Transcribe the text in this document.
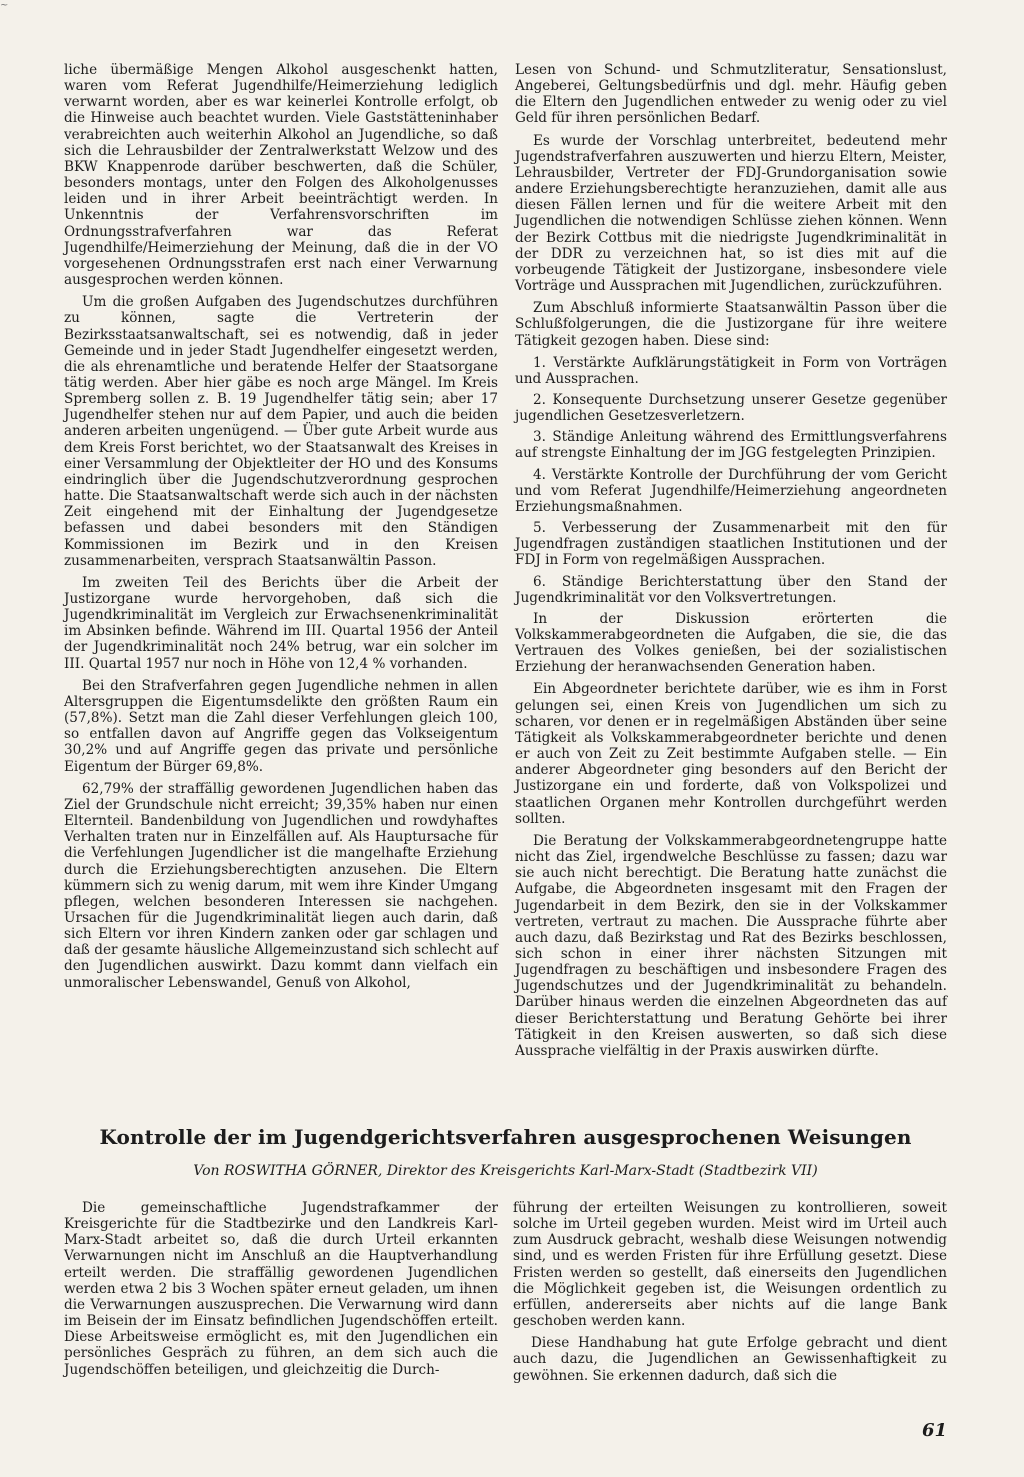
~

liche übermäßige Mengen Alkohol ausgeschenkt hatten, waren vom Referat Jugendhilfe/Heimerziehung lediglich verwarnt worden, aber es war keinerlei Kontrolle erfolgt, ob die Hinweise auch beachtet wurden. Viele Gaststätteninhaber verabreichten auch weiterhin Alkohol an Jugendliche, so daß sich die Lehrausbilder der Zentralwerkstatt Welzow und des BKW Knappenrode darüber beschwerten, daß die Schüler, besonders montags, unter den Folgen des Alkoholgenusses leiden und in ihrer Arbeit beeinträchtigt werden. In Unkenntnis der Verfahrensvorschriften im Ordnungsstrafverfahren war das Referat Jugendhilfe/Heimerziehung der Meinung, daß die in der VO vorgesehenen Ordnungsstrafen erst nach einer Verwarnung ausgesprochen werden können.

Um die großen Aufgaben des Jugendschutzes durchführen zu können, sagte die Vertreterin der Bezirksstaatsanwaltschaft, sei es notwendig, daß in jeder Gemeinde und in jeder Stadt Jugendhelfer eingesetzt werden, die als ehrenamtliche und beratende Helfer der Staatsorgane tätig werden. Aber hier gäbe es noch arge Mängel. Im Kreis Spremberg sollen z. B. 19 Jugendhelfer tätig sein; aber 17 Jugendhelfer stehen nur auf dem Papier, und auch die beiden anderen arbeiten ungenügend. — Über gute Arbeit wurde aus dem Kreis Forst berichtet, wo der Staatsanwalt des Kreises in einer Versammlung der Objektleiter der HO und des Konsums eindringlich über die Jugendschutzverordnung gesprochen hatte. Die Staatsanwaltschaft werde sich auch in der nächsten Zeit eingehend mit der Einhaltung der Jugendgesetze befassen und dabei besonders mit den Ständigen Kommissionen im Bezirk und in den Kreisen zusammenarbeiten, versprach Staatsanwältin Passon.

Im zweiten Teil des Berichts über die Arbeit der Justizorgane wurde hervorgehoben, daß sich die Jugendkriminalität im Vergleich zur Erwachsenenkriminalität im Absinken befinde. Während im III. Quartal 1956 der Anteil der Jugendkriminalität noch 24% betrug, war ein solcher im III. Quartal 1957 nur noch in Höhe von 12,4 % vorhanden.

Bei den Strafverfahren gegen Jugendliche nehmen in allen Altersgruppen die Eigentumsdelikte den größten Raum ein (57,8%). Setzt man die Zahl dieser Verfehlungen gleich 100, so entfallen davon auf Angriffe gegen das Volkseigentum 30,2% und auf Angriffe gegen das private und persönliche Eigentum der Bürger 69,8%.

62,79% der straffällig gewordenen Jugendlichen haben das Ziel der Grundschule nicht erreicht; 39,35% haben nur einen Elternteil. Bandenbildung von Jugendlichen und rowdyhaftes Verhalten traten nur in Einzelfällen auf. Als Hauptursache für die Verfehlungen Jugendlicher ist die mangelhafte Erziehung durch die Erziehungsberechtigten anzusehen. Die Eltern kümmern sich zu wenig darum, mit wem ihre Kinder Umgang pflegen, welchen besonderen Interessen sie nachgehen. Ursachen für die Jugendkriminalität liegen auch darin, daß sich Eltern vor ihren Kindern zanken oder gar schlagen und daß der gesamte häusliche Allgemeinzustand sich schlecht auf den Jugendlichen auswirkt. Dazu kommt dann vielfach ein unmoralischer Lebenswandel, Genuß von Alkohol,

Lesen von Schund- und Schmutzliteratur, Sensationslust, Angeberei, Geltungsbedürfnis und dgl. mehr. Häufig geben die Eltern den Jugendlichen entweder zu wenig oder zu viel Geld für ihren persönlichen Bedarf.

Es wurde der Vorschlag unterbreitet, bedeutend mehr Jugendstrafverfahren auszuwerten und hierzu Eltern, Meister, Lehrausbilder, Vertreter der FDJ-Grundorganisation sowie andere Erziehungsberechtigte heranzuziehen, damit alle aus diesen Fällen lernen und für die weitere Arbeit mit den Jugendlichen die notwendigen Schlüsse ziehen können. Wenn der Bezirk Cottbus mit die niedrigste Jugendkriminalität in der DDR zu verzeichnen hat, so ist dies mit auf die vorbeugende Tätigkeit der Justizorgane, insbesondere viele Vorträge und Aussprachen mit Jugendlichen, zurückzuführen.

Zum Abschluß informierte Staatsanwältin Passon über die Schlußfolgerungen, die die Justizorgane für ihre weitere Tätigkeit gezogen haben. Diese sind:

1. Verstärkte Aufklärungstätigkeit in Form von Vorträgen und Aussprachen.

2. Konsequente Durchsetzung unserer Gesetze gegenüber jugendlichen Gesetzesverletzern.

3. Ständige Anleitung während des Ermittlungsverfahrens auf strengste Einhaltung der im JGG festgelegten Prinzipien.

4. Verstärkte Kontrolle der Durchführung der vom Gericht und vom Referat Jugendhilfe/Heimerziehung angeordneten Erziehungsmaßnahmen.

5. Verbesserung der Zusammenarbeit mit den für Jugendfragen zuständigen staatlichen Institutionen und der FDJ in Form von regelmäßigen Aussprachen.

6. Ständige Berichterstattung über den Stand der Jugendkriminalität vor den Volksvertretungen.

In der Diskussion erörterten die Volkskammerabgeordneten die Aufgaben, die sie, die das Vertrauen des Volkes genießen, bei der sozialistischen Erziehung der heranwachsenden Generation haben.

Ein Abgeordneter berichtete darüber, wie es ihm in Forst gelungen sei, einen Kreis von Jugendlichen um sich zu scharen, vor denen er in regelmäßigen Abständen über seine Tätigkeit als Volkskammerabgeordneter berichte und denen er auch von Zeit zu Zeit bestimmte Aufgaben stelle. — Ein anderer Abgeordneter ging besonders auf den Bericht der Justizorgane ein und forderte, daß von Volkspolizei und staatlichen Organen mehr Kontrollen durchgeführt werden sollten.

Die Beratung der Volkskammerabgeordnetengruppe hatte nicht das Ziel, irgendwelche Beschlüsse zu fassen; dazu war sie auch nicht berechtigt. Die Beratung hatte zunächst die Aufgabe, die Abgeordneten insgesamt mit den Fragen der Jugendarbeit in dem Bezirk, den sie in der Volkskammer vertreten, vertraut zu machen. Die Aussprache führte aber auch dazu, daß Bezirkstag und Rat des Bezirks beschlossen, sich schon in einer ihrer nächsten Sitzungen mit Jugendfragen zu beschäftigen und insbesondere Fragen des Jugendschutzes und der Jugendkriminalität zu behandeln. Darüber hinaus werden die einzelnen Abgeordneten das auf dieser Berichterstattung und Beratung Gehörte bei ihrer Tätigkeit in den Kreisen auswerten, so daß sich diese Aussprache vielfältig in der Praxis auswirken dürfte.

Kontrolle der im Jugendgerichtsverfahren ausgesprochenen Weisungen
Von ROSWITHA GÖRNER, Direktor des Kreisgerichts Karl-Marx-Stadt (Stadtbezirk VII)

Die gemeinschaftliche Jugendstrafkammer der Kreisgerichte für die Stadtbezirke und den Landkreis Karl-Marx-Stadt arbeitet so, daß die durch Urteil erkannten Verwarnungen nicht im Anschluß an die Hauptverhandlung erteilt werden. Die straffällig gewordenen Jugendlichen werden etwa 2 bis 3 Wochen später erneut geladen, um ihnen die Verwarnungen auszusprechen. Die Verwarnung wird dann im Beisein der im Einsatz befindlichen Jugendschöffen erteilt. Diese Arbeitsweise ermöglicht es, mit den Jugendlichen ein persönliches Gespräch zu führen, an dem sich auch die Jugendschöffen beteiligen, und gleichzeitig die Durch-

führung der erteilten Weisungen zu kontrollieren, soweit solche im Urteil gegeben wurden. Meist wird im Urteil auch zum Ausdruck gebracht, weshalb diese Weisungen notwendig sind, und es werden Fristen für ihre Erfüllung gesetzt. Diese Fristen werden so gestellt, daß einerseits den Jugendlichen die Möglichkeit gegeben ist, die Weisungen ordentlich zu erfüllen, andererseits aber nichts auf die lange Bank geschoben werden kann.

Diese Handhabung hat gute Erfolge gebracht und dient auch dazu, die Jugendlichen an Gewissenhaftigkeit zu gewöhnen. Sie erkennen dadurch, daß sich die

61
